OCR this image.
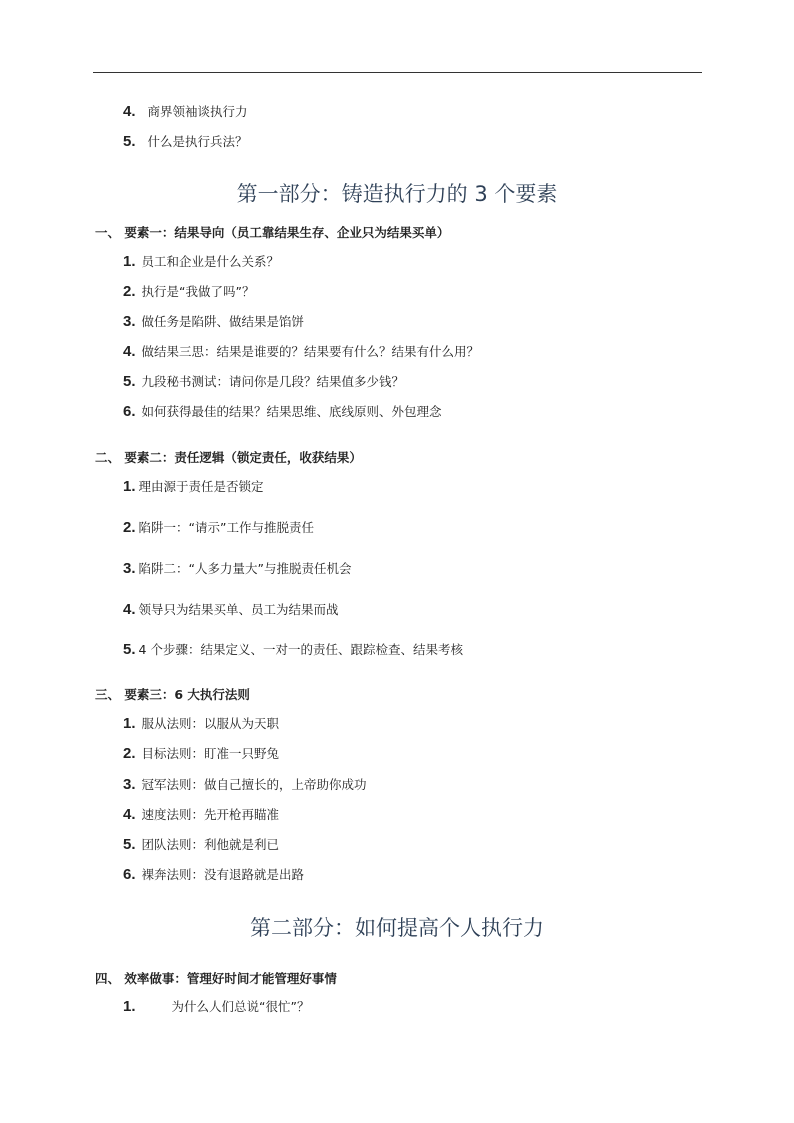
4. 商界领袖谈执行力
5. 什么是执行兵法？
第一部分：铸造执行力的 3 个要素
一、 要素一：结果导向（员工靠结果生存、企业只为结果买单）
1. 员工和企业是什么关系？
2. 执行是“我做了吗”？
3. 做任务是陷阱、做结果是馅饼
4. 做结果三思：结果是谁要的？结果要有什么？结果有什么用？
5. 九段秘书测试：请问你是几段？结果值多少钱？
6. 如何获得最佳的结果？结果思维、底线原则、外包理念
二、 要素二：责任逻辑（锁定责任，收获结果）
1. 理由源于责任是否锁定
2. 陷阱一：“请示”工作与推脱责任
3. 陷阱二：“人多力量大”与推脱责任机会
4. 领导只为结果买单、员工为结果而战
5. 4 个步骤：结果定义、一对一的责任、跟踪检查、结果考核
三、 要素三：6 大执行法则
1. 服从法则：以服从为天职
2. 目标法则：盯准一只野兔
3. 冠军法则：做自己擅长的，上帝助你成功
4. 速度法则：先开枪再瞄准
5. 团队法则：利他就是利已
6. 裸奔法则：没有退路就是出路
第二部分：如何提高个人执行力
四、 效率做事：管理好时间才能管理好事情
1.	为什么人们总说“很忙”？
